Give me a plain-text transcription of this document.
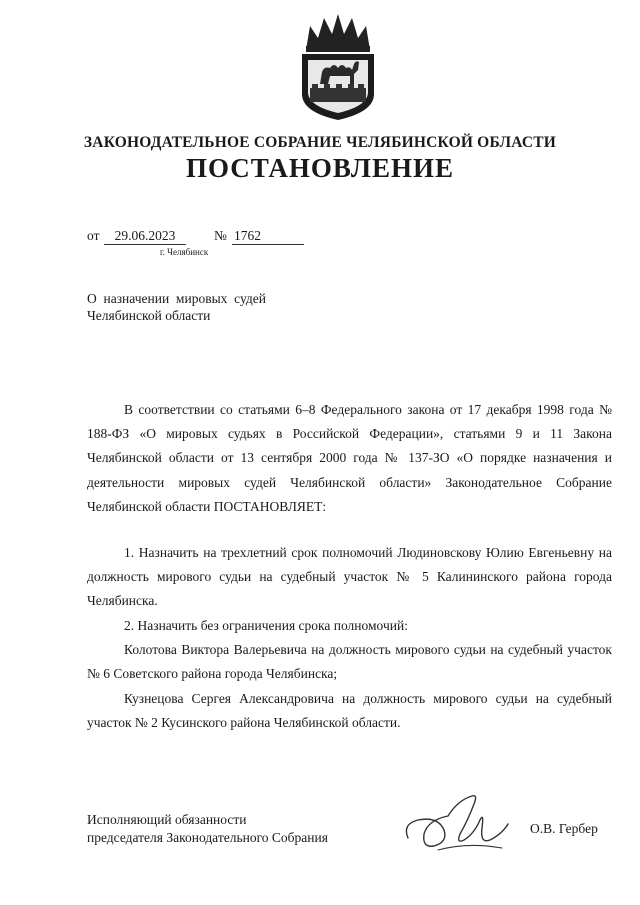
ЗАКОНОДАТЕЛЬНОЕ СОБРАНИЕ ЧЕЛЯБИНСКОЙ ОБЛАСТИ
ПОСТАНОВЛЕНИЕ
от	29.06.2023	№ 1762
г. Челябинск
О  назначении  мировых  судей
Челябинской области

В соответствии со статьями 6–8 Федерального закона от 17 декабря 1998 года № 188-ФЗ «О мировых судьях в Российской Федерации», статьями 9 и 11 Закона Челябинской области от 13 сентября 2000 года № 137-ЗО «О порядке назначения и деятельности мировых судей Челябинской области» Законодательное Собрание Челябинской области ПОСТАНОВЛЯЕТ:

1. Назначить на трехлетний срок полномочий Людиновскову Юлию Евгеньевну на должность мирового судьи на судебный участок № 5 Калининского района города Челябинска.

2. Назначить без ограничения срока полномочий:

Колотова Виктора Валерьевича на должность мирового судьи на судебный участок № 6 Советского района города Челябинска;

Кузнецова Сергея Александровича на должность мирового судьи на судебный участок № 2 Кусинского района Челябинской области.

Исполняющий обязанности
председателя Законодательного Собрания
О.В. Гербер
